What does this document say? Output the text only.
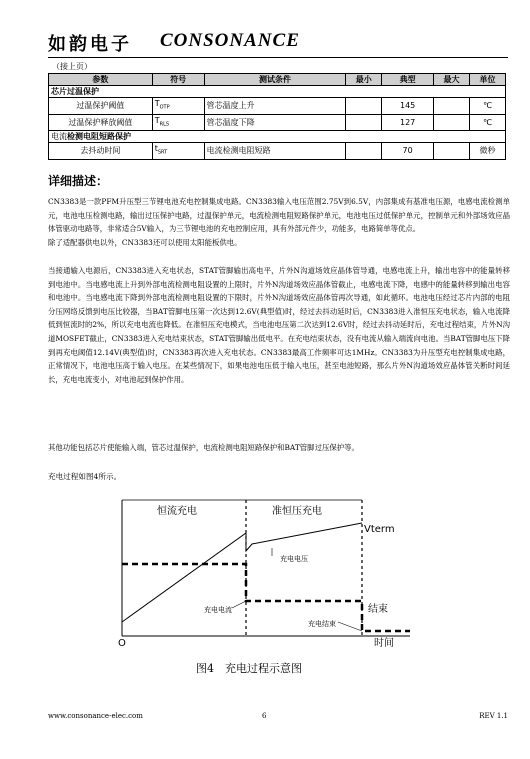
如韵电子 CONSONANCE
（接上页）
参数	符号	测试条件	最小	典型	最大	单位
芯片过温保护						
过温保护阈值	$T_{OTP}$	管芯温度上升		145		℃
过温保护释放阈值	$T_{RLS}$	管芯温度下降		127		℃
电流检测电阻短路保护						
去抖动时间	$t_{SRT}$	电流检测电阻短路		70		微秒
详细描述：
CN3383是一款PFM升压型三节锂电池充电控制集成电路。CN3383输入电压范围2.75V到6.5V，内部集成有基准电压源，电感电流检测单元，电池电压检测电路，输出过压保护电路，过温保护单元，电流检测电阻短路保护单元，电池电压过低保护单元，控制单元和外部场效应晶体管驱动电路等，非常适合5V输入，为三节锂电池的充电控制应用，具有外部元件少，功能多，电路简单等优点。
除了适配器供电以外，CN3383还可以使用太阳能板供电。
当接通输入电源后，CN3383进入充电状态，STAT管脚输出高电平，片外N沟道场效应晶体管导通，电感电流上升，输出电容中的能量转移到电池中。当电感电流上升到外部电流检测电阻设置的上限时，片外N沟道场效应晶体管截止，电感电流下降，电感中的能量转移到输出电容和电池中。当电感电流下降到外部电流检测电阻设置的下限时，片外N沟道场效应晶体管再次导通，如此循环。电池电压经过芯片内部的电阻分压网络反馈到电压比较器，当BAT管脚电压第一次达到12.6V(典型值)时，经过去抖动延时后，CN3383进入准恒压充电状态，输入电流降低到恒流时的2%，所以充电电流也降低。在准恒压充电模式，当电池电压第二次达到12.6V时，经过去抖动延时后，充电过程结束，片外N沟道MOSFET截止，CN3383进入充电结束状态，STAT管脚输出低电平。在充电结束状态，没有电流从输入端流向电池。当BAT管脚电压下降到再充电阈值12.14V(典型值)时，CN3383再次进入充电状态。CN3383最高工作频率可达1MHz。CN3383为升压型充电控制集成电路，正常情况下，电池电压高于输入电压。在某些情况下，如果电池电压低于输入电压，甚至电池短路，那么片外N沟道场效应晶体管关断时间延长，充电电流变小，对电池起到保护作用。
其他功能包括芯片使能输入端，管芯过温保护，电流检测电阻短路保护和BAT管脚过压保护等。
充电过程如图4所示。
恒流充电	准恒压充电
Vterm
充电电压
充电电流
充电结束
结束
O	时间
图4　充电过程示意图
www.consonance-elec.com	6	REV 1.1
